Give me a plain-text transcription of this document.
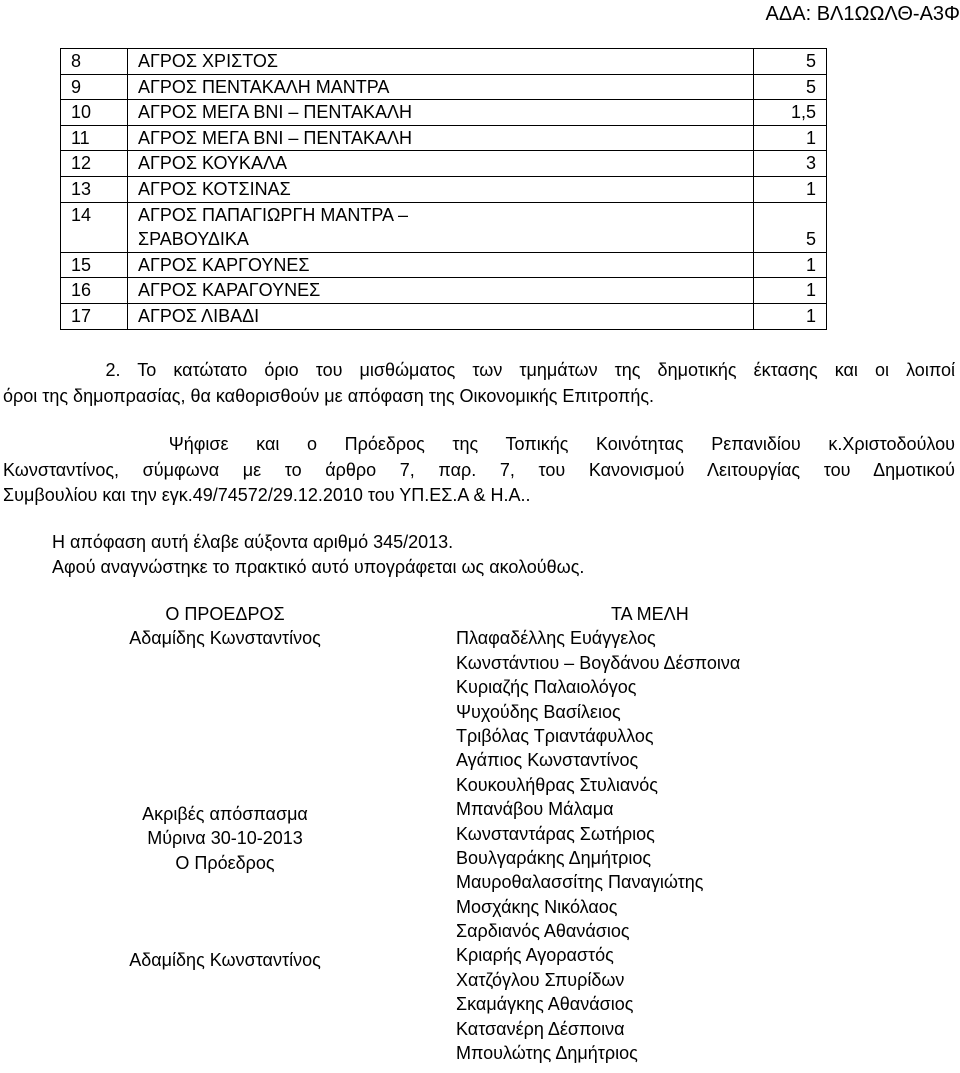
ΑΔΑ: ΒΛ1ΩΩΛΘ-Α3Φ
8	ΑΓΡΟΣ ΧΡΙΣΤΟΣ	5
9	ΑΓΡΟΣ ΠΕΝΤΑΚΑΛΗ ΜΑΝΤΡΑ	5
10	ΑΓΡΟΣ ΜΕΓΑ ΒΝΙ – ΠΕΝΤΑΚΑΛΗ	1,5
11	ΑΓΡΟΣ ΜΕΓΑ ΒΝΙ – ΠΕΝΤΑΚΑΛΗ	1
12	ΑΓΡΟΣ ΚΟΥΚΑΛΑ	3
13	ΑΓΡΟΣ ΚΟΤΣΙΝΑΣ	1
14	ΑΓΡΟΣ ΠΑΠΑΓΙΩΡΓΗ ΜΑΝΤΡΑ –
ΣΡΑΒΟΥΔΙΚΑ	5
15	ΑΓΡΟΣ ΚΑΡΓΟΥΝΕΣ	1
16	ΑΓΡΟΣ ΚΑΡΑΓΟΥΝΕΣ	1
17	ΑΓΡΟΣ ΛΙΒΑΔΙ	1
2. Το κατώτατο όριο του μισθώματος των τμημάτων της δημοτικής έκτασης και οι λοιποί
όροι της δημοπρασίας, θα καθορισθούν με απόφαση της Οικονομικής Επιτροπής.
Ψήφισε και ο Πρόεδρος της Τοπικής Κοινότητας Ρεπανιδίου κ.Χριστοδούλου
Κωνσταντίνος, σύμφωνα με το άρθρο 7, παρ. 7, του Κανονισμού Λειτουργίας του Δημοτικού
Συμβουλίου και την εγκ.49/74572/29.12.2010 του ΥΠ.ΕΣ.Α & Η.Α..
Η απόφαση αυτή έλαβε αύξοντα αριθμό 345/2013.
Αφού αναγνώστηκε το πρακτικό αυτό υπογράφεται ως ακολούθως.
Ο ΠΡΟΕΔΡΟΣ
Αδαμίδης Κωνσταντίνος
Ακριβές απόσπασμα
Μύρινα 30-10-2013
Ο Πρόεδρος
Αδαμίδης Κωνσταντίνος
ΤΑ ΜΕΛΗ
Πλαφαδέλλης Ευάγγελος
Κωνστάντιου – Βογδάνου Δέσποινα
Κυριαζής Παλαιολόγος
Ψυχούδης Βασίλειος
Τριβόλας Τριαντάφυλλος
Αγάπιος Κωνσταντίνος
Κουκουλήθρας Στυλιανός
Μπανάβου Μάλαμα
Κωνσταντάρας Σωτήριος
Βουλγαράκης Δημήτριος
Μαυροθαλασσίτης Παναγιώτης
Μοσχάκης Νικόλαος
Σαρδιανός Αθανάσιος
Κριαρής Αγοραστός
Χατζόγλου Σπυρίδων
Σκαμάγκης Αθανάσιος
Κατσανέρη Δέσποινα
Μπουλώτης Δημήτριος
